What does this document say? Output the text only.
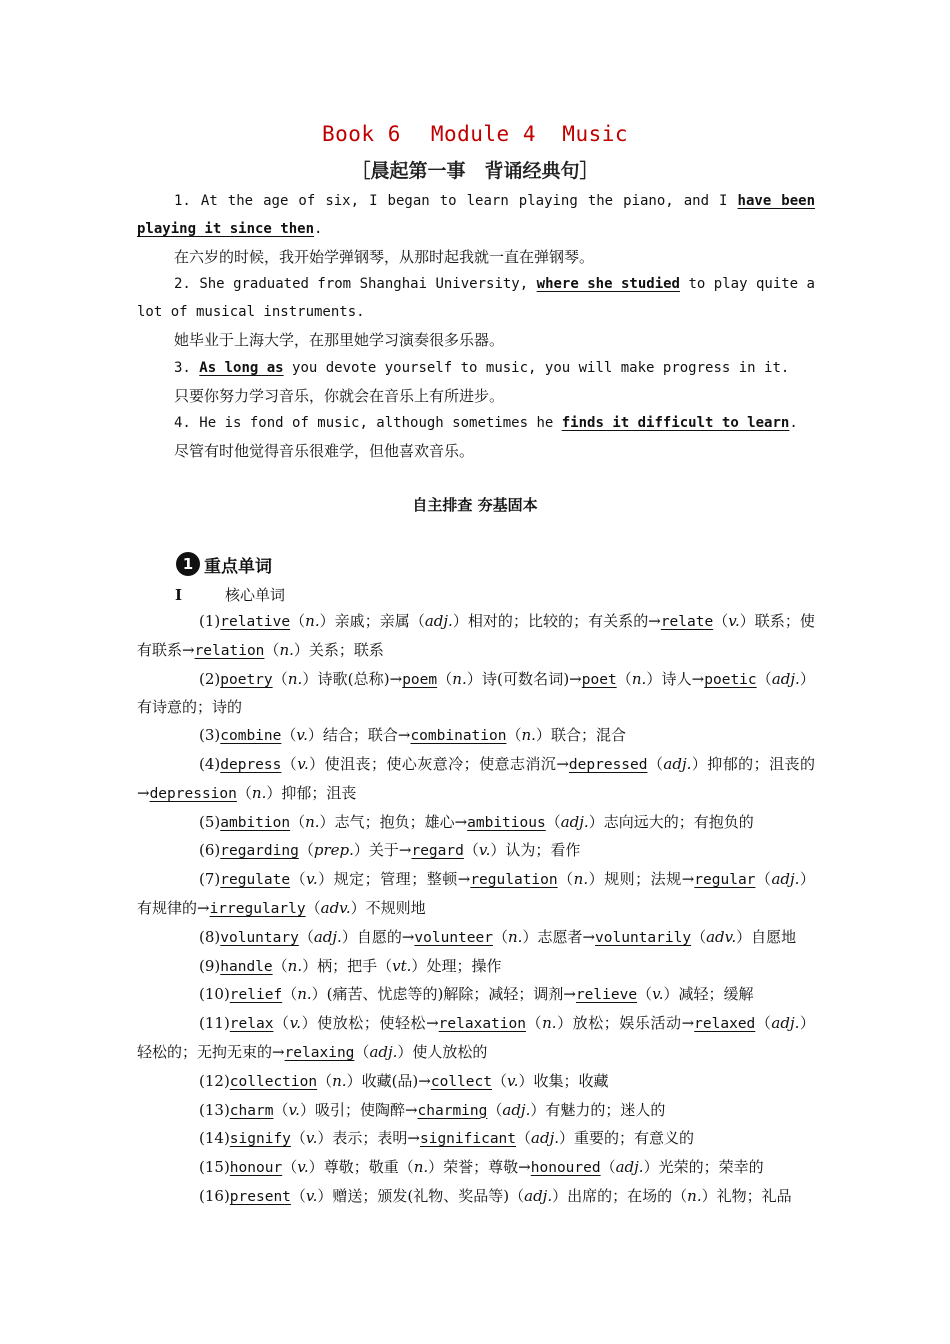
Book 6 Module 4 Music
［晨起第一事　背诵经典句］

1. At the age of six, I began to learn playing the piano, and I have been playing it since then.

在六岁的时候，我开始学弹钢琴，从那时起我就一直在弹钢琴。

2. She graduated from Shanghai University, where she studied to play quite a lot of musical instruments.

她毕业于上海大学，在那里她学习演奏很多乐器。

3. As long as you devote yourself to music, you will make progress in it.

只要你努力学习音乐，你就会在音乐上有所进步。

4. He is fond of music, although sometimes he finds it difficult to learn.

尽管有时他觉得音乐很难学，但他喜欢音乐。

自主排查 夯基固本
1 重点单词
Ⅰ	核心单词

(1)relative（n.）亲戚；亲属（adj.）相对的；比较的；有关系的→relate（v.）联系；使有联系→relation（n.）关系；联系

(2)poetry（n.）诗歌(总称)→poem（n.）诗(可数名词)→poet（n.）诗人→poetic（adj.）有诗意的；诗的

(3)combine（v.）结合；联合→combination（n.）联合；混合

(4)depress（v.）使沮丧；使心灰意冷；使意志消沉→depressed（adj.）抑郁的；沮丧的→depression（n.）抑郁；沮丧

(5)ambition（n.）志气；抱负；雄心→ambitious（adj.）志向远大的；有抱负的

(6)regarding（prep.）关于→regard（v.）认为；看作

(7)regulate（v.）规定；管理；整顿→regulation（n.）规则；法规→regular（adj.）有规律的→irregularly（adv.）不规则地

(8)voluntary（adj.）自愿的→volunteer（n.）志愿者→voluntarily（adv.）自愿地

(9)handle（n.）柄；把手（vt.）处理；操作

(10)relief（n.）(痛苦、忧虑等的)解除；减轻；调剂→relieve（v.）减轻；缓解

(11)relax（v.）使放松；使轻松→relaxation（n.）放松；娱乐活动→relaxed（adj.）轻松的；无拘无束的→relaxing（adj.）使人放松的

(12)collection（n.）收藏(品)→collect（v.）收集；收藏

(13)charm（v.）吸引；使陶醉→charming（adj.）有魅力的；迷人的

(14)signify（v.）表示；表明→significant（adj.）重要的；有意义的

(15)honour（v.）尊敬；敬重（n.）荣誉；尊敬→honoured（adj.）光荣的；荣幸的

(16)present（v.）赠送；颁发(礼物、奖品等)（adj.）出席的；在场的（n.）礼物；礼品
